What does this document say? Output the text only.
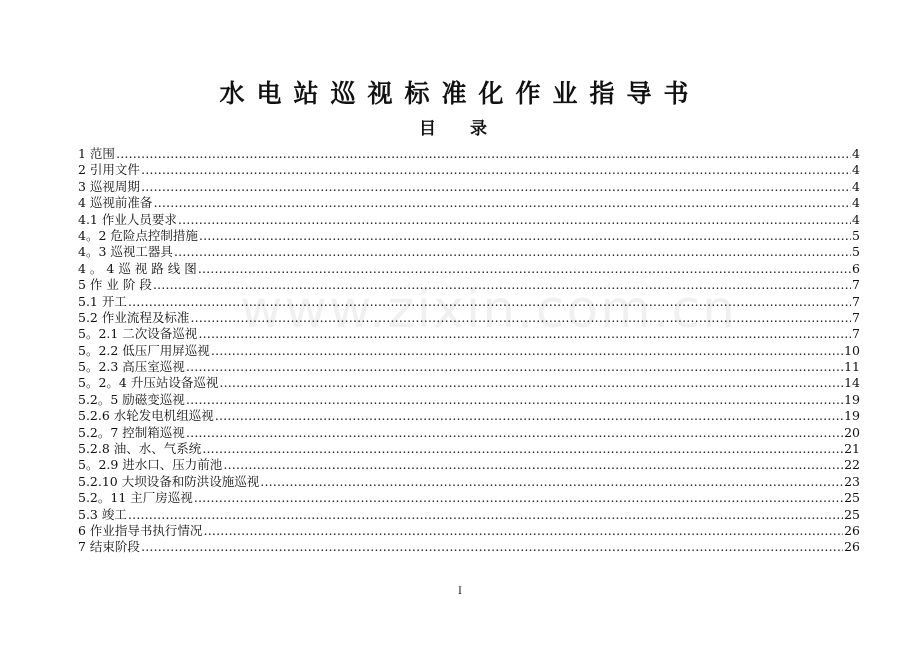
水电站巡视标准化作业指导书
目 录
1 范围 ……………………………………………………………………………………………………………………………………………………………………………………………………………………………………………………………………………………………………………	4
2 引用文件 ……………………………………………………………………………………………………………………………………………………………………………………………………………………………………………………………………………………………………………	4
3 巡视周期 ……………………………………………………………………………………………………………………………………………………………………………………………………………………………………………………………………………………………………………	4
4 巡视前准备 ……………………………………………………………………………………………………………………………………………………………………………………………………………………………………………………………………………………………………………	4
4.1 作业人员要求 ……………………………………………………………………………………………………………………………………………………………………………………………………………………………………………………………………………………………………………	4
4。2 危险点控制措施 ……………………………………………………………………………………………………………………………………………………………………………………………………………………………………………………………………………………………………………	5
4。3 巡视工器具 ……………………………………………………………………………………………………………………………………………………………………………………………………………………………………………………………………………………………………………	5
4 。 4 巡 视 路 线 图 ……………………………………………………………………………………………………………………………………………………………………………………………………………………………………………………………………………………………………………	6
5 作 业 阶 段 ……………………………………………………………………………………………………………………………………………………………………………………………………………………………………………………………………………………………………………	7
5.1 开工 ……………………………………………………………………………………………………………………………………………………………………………………………………………………………………………………………………………………………………………	7
5.2 作业流程及标准 ……………………………………………………………………………………………………………………………………………………………………………………………………………………………………………………………………………………………………………	7
5。2.1 二次设备巡视 ……………………………………………………………………………………………………………………………………………………………………………………………………………………………………………………………………………………………………………	7
5。2.2 低压厂用屏巡视 ……………………………………………………………………………………………………………………………………………………………………………………………………………………………………………………………………………………………………………	10
5。2.3 高压室巡视 ……………………………………………………………………………………………………………………………………………………………………………………………………………………………………………………………………………………………………………	11
5。2。4 升压站设备巡视 ……………………………………………………………………………………………………………………………………………………………………………………………………………………………………………………………………………………………………………	14
5.2。5 励磁变巡视 ……………………………………………………………………………………………………………………………………………………………………………………………………………………………………………………………………………………………………………	19
5.2.6 水轮发电机组巡视 ……………………………………………………………………………………………………………………………………………………………………………………………………………………………………………………………………………………………………………	19
5.2。7 控制箱巡视 ……………………………………………………………………………………………………………………………………………………………………………………………………………………………………………………………………………………………………………	20
5.2.8 油、水、气系统 ……………………………………………………………………………………………………………………………………………………………………………………………………………………………………………………………………………………………………………	21
5。2.9 进水口、压力前池 ……………………………………………………………………………………………………………………………………………………………………………………………………………………………………………………………………………………………………………	22
5.2.10 大坝设备和防洪设施巡视 ……………………………………………………………………………………………………………………………………………………………………………………………………………………………………………………………………………………………………………	23
5.2。11 主厂房巡视 ……………………………………………………………………………………………………………………………………………………………………………………………………………………………………………………………………………………………………………	25
5.3 竣工 ……………………………………………………………………………………………………………………………………………………………………………………………………………………………………………………………………………………………………………	25
6 作业指导书执行情况 ……………………………………………………………………………………………………………………………………………………………………………………………………………………………………………………………………………………………………………	26
7 结束阶段 ……………………………………………………………………………………………………………………………………………………………………………………………………………………………………………………………………………………………………………	26
www.zixin.com.cn
I
